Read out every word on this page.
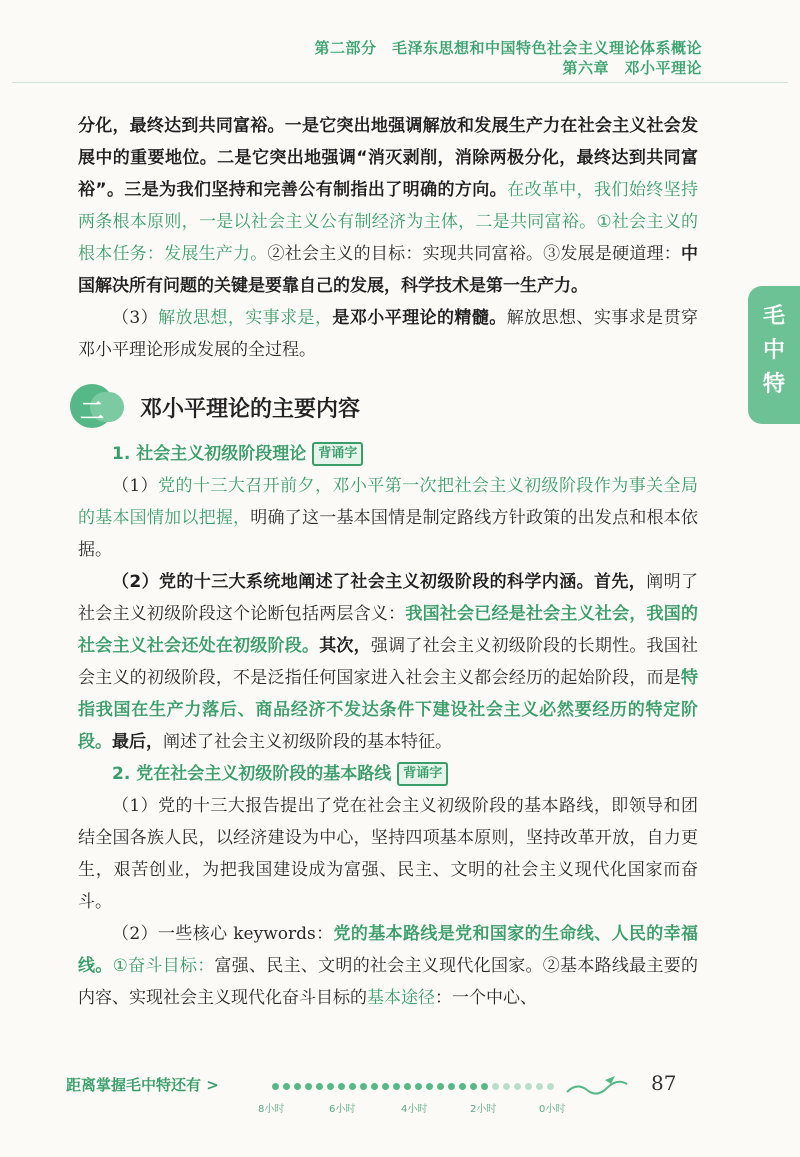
第二部分　毛泽东思想和中国特色社会主义理论体系概论
第六章　邓小平理论
毛
中
特

分化，最终达到共同富裕。一是它突出地强调解放和发展生产力在社会主义社会发展中的重要地位。二是它突出地强调“消灭剥削，消除两极分化，最终达到共同富裕”。三是为我们坚持和完善公有制指出了明确的方向。在改革中，我们始终坚持两条根本原则，一是以社会主义公有制经济为主体，二是共同富裕。①社会主义的根本任务：发展生产力。②社会主义的目标：实现共同富裕。③发展是硬道理：中国解决所有问题的关键是要靠自己的发展，科学技术是第一生产力。

（3）解放思想，实事求是，是邓小平理论的精髓。解放思想、实事求是贯穿邓小平理论形成发展的全过程。

二 邓小平理论的主要内容

1. 社会主义初级阶段理论 背诵字

（1）党的十三大召开前夕，邓小平第一次把社会主义初级阶段作为事关全局的基本国情加以把握，明确了这一基本国情是制定路线方针政策的出发点和根本依据。

（2）党的十三大系统地阐述了社会主义初级阶段的科学内涵。首先，阐明了社会主义初级阶段这个论断包括两层含义：我国社会已经是社会主义社会，我国的社会主义社会还处在初级阶段。其次，强调了社会主义初级阶段的长期性。我国社会主义的初级阶段，不是泛指任何国家进入社会主义都会经历的起始阶段，而是特指我国在生产力落后、商品经济不发达条件下建设社会主义必然要经历的特定阶段。最后，阐述了社会主义初级阶段的基本特征。

2. 党在社会主义初级阶段的基本路线 背诵字

（1）党的十三大报告提出了党在社会主义初级阶段的基本路线，即领导和团结全国各族人民，以经济建设为中心，坚持四项基本原则，坚持改革开放，自力更生，艰苦创业，为把我国建设成为富强、民主、文明的社会主义现代化国家而奋斗。

（2）一些核心 keywords：党的基本路线是党和国家的生命线、人民的幸福线。①奋斗目标：富强、民主、文明的社会主义现代化国家。②基本路线最主要的内容、实现社会主义现代化奋斗目标的基本途径：一个中心、

距离掌握毛中特还有 >
8小时	6小时	4小时	2小时	0小时
87
